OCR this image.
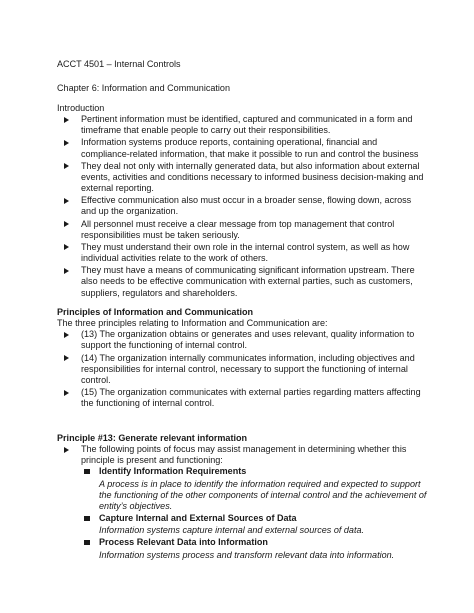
ACCT 4501 – Internal Controls

Chapter 6: Information and Communication

Introduction

Pertinent information must be identified, captured and communicated in a form and timeframe that enable people to carry out their responsibilities.
Information systems produce reports, containing operational, financial and compliance-related information, that make it possible to run and control the business
They deal not only with internally generated data, but also information about external events, activities and conditions necessary to informed business decision-making and external reporting.
Effective communication also must occur in a broader sense, flowing down, across and up the organization.
All personnel must receive a clear message from top management that control responsibilities must be taken seriously.
They must understand their own role in the internal control system, as well as how individual activities relate to the work of others.
They must have a means of communicating significant information upstream. There also needs to be effective communication with external parties, such as customers, suppliers, regulators and shareholders.

Principles of Information and Communication

The three principles relating to Information and Communication are:

(13) The organization obtains or generates and uses relevant, quality information to support the functioning of internal control.
(14) The organization internally communicates information, including objectives and responsibilities for internal control, necessary to support the functioning of internal control.
(15) The organization communicates with external parties regarding matters affecting the functioning of internal control.

Principle #13: Generate relevant information

The following points of focus may assist management in determining whether this principle is present and functioning:
Identify Information Requirements
A process is in place to identify the information required and expected to support the functioning of the other components of internal control and the achievement of entity’s objectives.
Capture Internal and External Sources of Data
Information systems capture internal and external sources of data.
Process Relevant Data into Information
Information systems process and transform relevant data into information.
